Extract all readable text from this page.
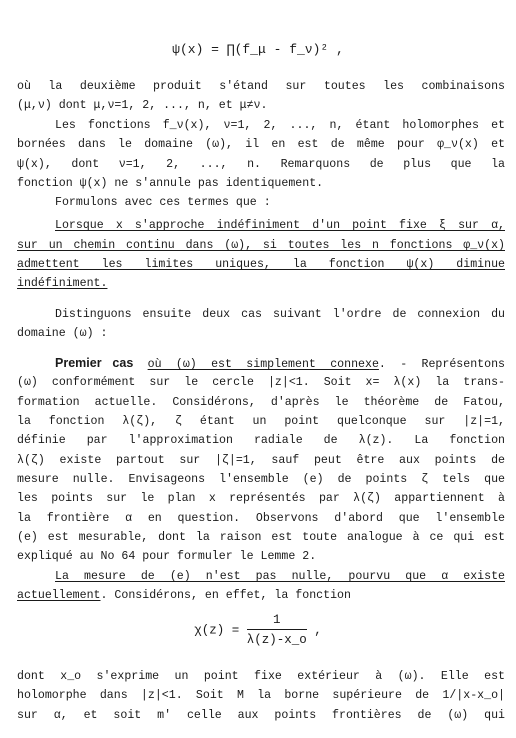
ψ(x) = ∏(f_μ - f_ν)² ,
où la deuxième produit s'étand sur toutes les combinaisons
(μ,ν) dont μ,ν=1, 2, ..., n, et μ≠ν.
Les fonctions f_ν(x), ν=1, 2, ..., n, étant holomorphes et
bornées dans le domaine (ω), il en est de même pour φ_ν(x) et
ψ(x), dont ν=1, 2, ..., n. Remarquons de plus que la
fonction ψ(x) ne s'annule pas identiquement.
Formulons avec ces termes que :
Lorsque x s'approche indéfiniment d'un point fixe ξ sur α,
sur un chemin continu dans (ω), si toutes les n fonctions φ_ν(x)
admettent les limites uniques, la fonction ψ(x) diminue
indéfiniment.
Distinguons ensuite deux cas suivant l'ordre de connexion du
domaine (ω) :
Premier cas où (ω) est simplement connexe. - Représentons
(ω) conformément sur le cercle |z|<1. Soit x= λ(x) la trans-
formation actuelle. Considérons, d'après le théorème de Fatou,
la fonction λ(ζ), ζ étant un point quelconque sur |z|=1,
définie par l'approximation radiale de λ(z). La fonction
λ(ζ) existe partout sur |ζ|=1, sauf peut être aux points de
mesure nulle. Envisageons l'ensemble (e) de points ζ tels que
les points sur le plan x représentés par λ(ζ) appartiennent à
la frontière α en question. Observons d'abord que l'ensemble
(e) est mesurable, dont la raison est toute analogue à ce qui est
expliqué au No 64 pour formuler le Lemme 2.
La mesure de (e) n'est pas nulle, pourvu que α existe
actuellement. Considérons, en effet, la fonction
$\chi(z) = \frac{1}{\lambda(z)-x\_o}$ ,
dont x_o s'exprime un point fixe extérieur à (ω). Elle est
holomorphe dans |z|<1. Soit M la borne supérieure de 1/|x-x_o|
sur α, et soit m' celle aux points frontières de (ω) qui
